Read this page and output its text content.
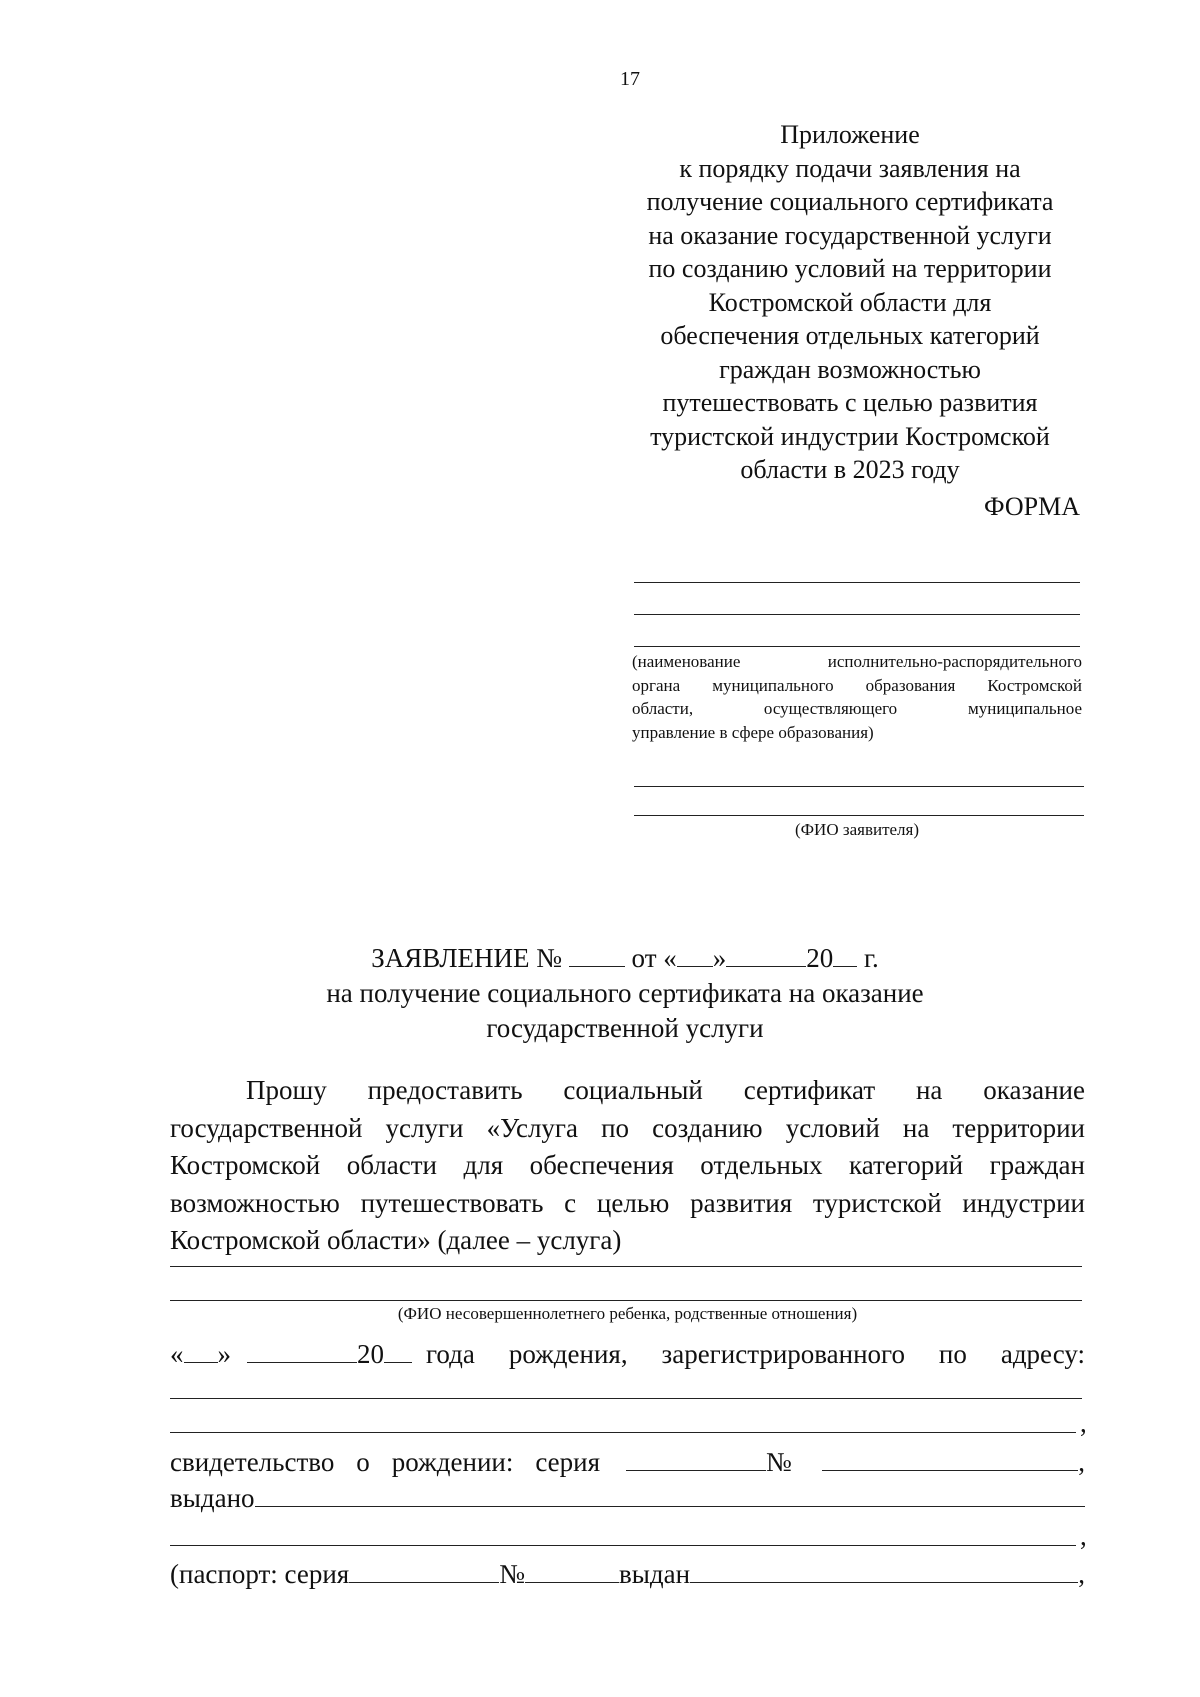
17
Приложение
к порядку подачи заявления на
получение социального сертификата
на оказание государственной услуги
по созданию условий на территории
Костромской области для
обеспечения отдельных категорий
граждан возможностью
путешествовать с целью развития
туристской индустрии Костромской
области в 2023 году
ФОРМА
(наименование исполнительно-распорядительного
органа муниципального образования Костромской
области, осуществляющего муниципальное
управление в сфере образования)
(ФИО заявителя)
ЗАЯВЛЕНИЕ №	от « »	20 г.
на получение социального сертификата на оказание
государственной услуги
Прошу предоставить социальный сертификат на оказание
государственной услуги «Услуга по созданию условий на территории
Костромской области для обеспечения отдельных категорий граждан
возможностью путешествовать с целью развития туристской индустрии
Костромской области» (далее – услуга)
(ФИО несовершеннолетнего ребенка, родственные отношения)
« »	20	года рождения, зарегистрированного по адресу:
,
свидетельство о рождении: серия	№	,
выдано
,
(паспорт: серия	№	выдан	,
